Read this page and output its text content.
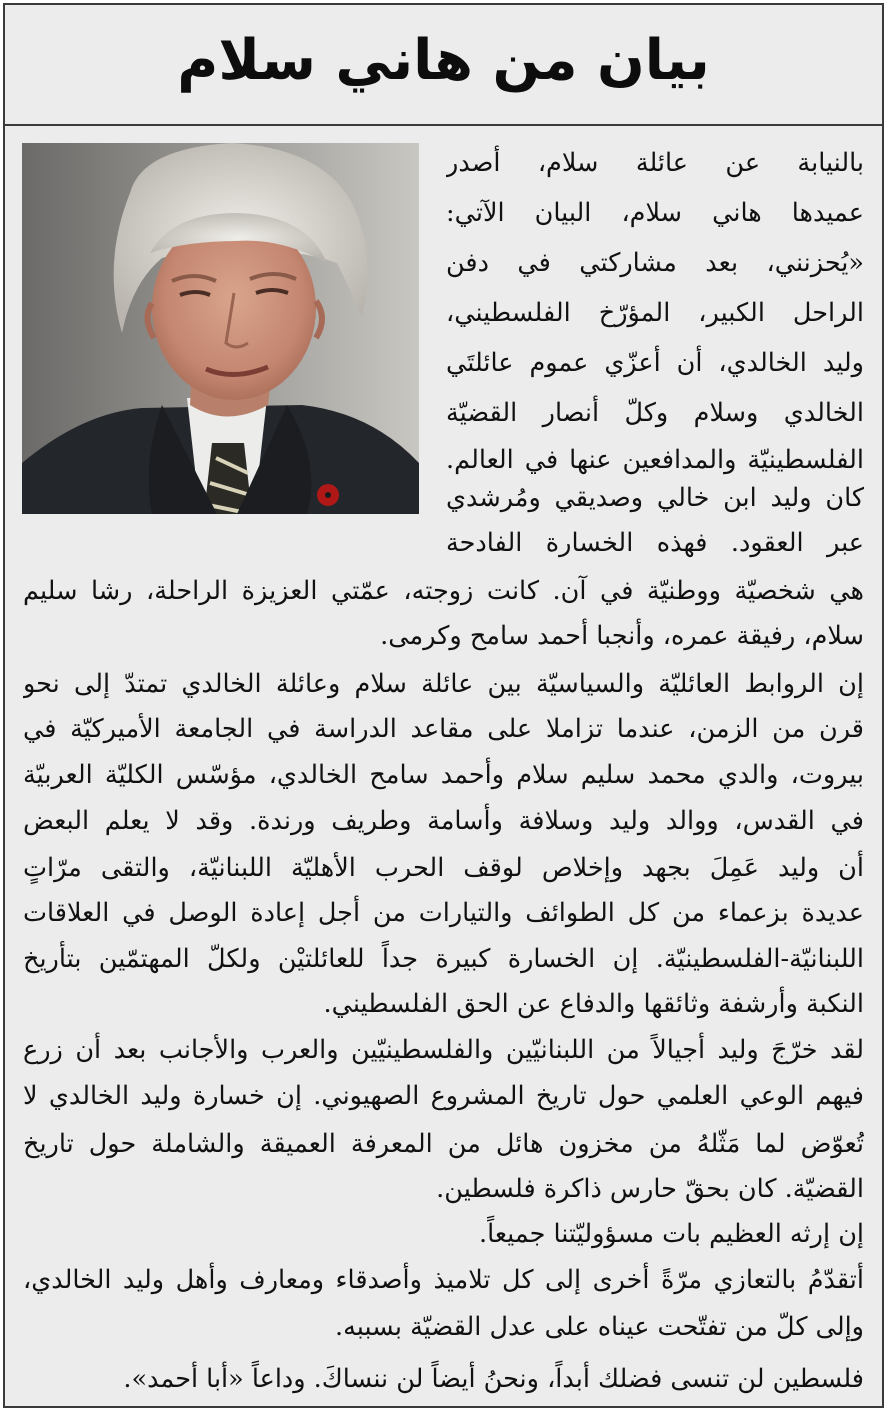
بيان من هاني سلام
بالنيابة عن عائلة سلام، أصدر
عميدها هاني سلام، البيان الآتي:
«يُحزنني، بعد مشاركتي في دفن
الراحل الكبير، المؤرّخ الفلسطيني،
وليد الخالدي، أن أعزّي عموم عائلتَي
الخالدي وسلام وكلّ أنصار القضيّة
الفلسطينيّة والمدافعين عنها في العالم.
كان وليد ابن خالي وصديقي ومُرشدي
عبر العقود. فهذه الخسارة الفادحة
هي شخصيّة ووطنيّة في آن. كانت زوجته، عمّتي العزيزة الراحلة، رشا سليم
سلام، رفيقة عمره، وأنجبا أحمد سامح وكرمى.
إن الروابط العائليّة والسياسيّة بين عائلة سلام وعائلة الخالدي تمتدّ إلى نحو
قرن من الزمن، عندما تزاملا على مقاعد الدراسة في الجامعة الأميركيّة في
بيروت، والدي محمد سليم سلام وأحمد سامح الخالدي، مؤسّس الكليّة العربيّة
في القدس، ووالد وليد وسلافة وأسامة وطريف ورندة. وقد لا يعلم البعض
أن وليد عَمِلَ بجهد وإخلاص لوقف الحرب الأهليّة اللبنانيّة، والتقى مرّاتٍ
عديدة بزعماء من كل الطوائف والتيارات من أجل إعادة الوصل في العلاقات
اللبنانيّة-الفلسطينيّة. إن الخسارة كبيرة جداً للعائلتيْن ولكلّ المهتمّين بتأريخ
النكبة وأرشفة وثائقها والدفاع عن الحق الفلسطيني.
لقد خرّجَ وليد أجيالاً من اللبنانيّين والفلسطينيّين والعرب والأجانب بعد أن زرع
فيهم الوعي العلمي حول تاريخ المشروع الصهيوني. إن خسارة وليد الخالدي لا
تُعوّض لما مَثّلهُ من مخزون هائل من المعرفة العميقة والشاملة حول تاريخ
القضيّة. كان بحقّ حارس ذاكرة فلسطين.
إن إرثه العظيم بات مسؤوليّتنا جميعاً.
أتقدّمُ بالتعازي مرّةً أخرى إلى كل تلاميذ وأصدقاء ومعارف وأهل وليد الخالدي،
وإلى كلّ من تفتّحت عيناه على عدل القضيّة بسببه.
فلسطين لن تنسى فضلك أبداً، ونحنُ أيضاً لن ننساكَ. وداعاً «أبا أحمد».
